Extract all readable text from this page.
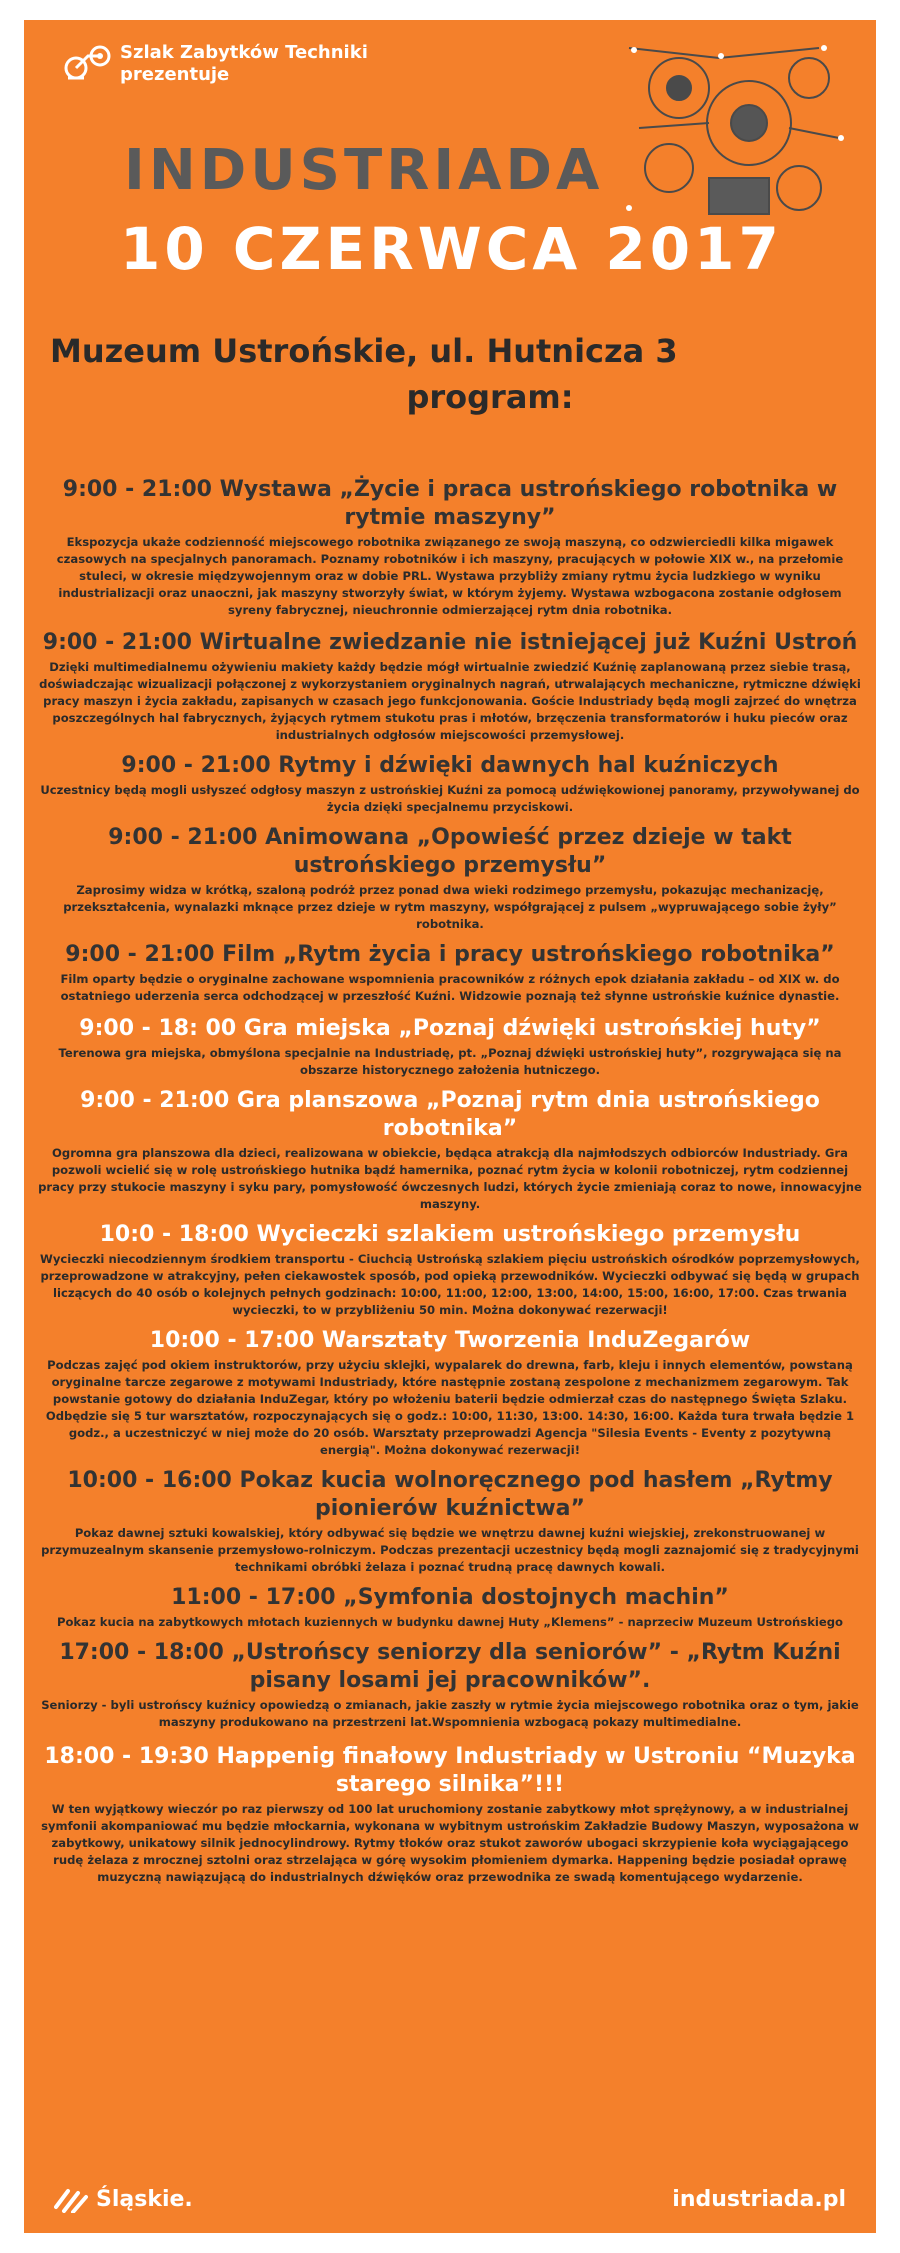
Szlak Zabytków Techniki
prezentuje
INDUSTRIADA
10 CZERWCA 2017
Muzeum Ustrońskie, ul. Hutnicza 3
program:
9:00 - 21:00 Wystawa „Życie i praca ustrońskiego robotnika w rytmie maszyny”

Ekspozycja ukaże codzienność miejscowego robotnika związanego ze swoją maszyną, co odzwierciedli kilka migawek czasowych na specjalnych panoramach. Poznamy robotników i ich maszyny, pracujących w połowie XIX w., na przełomie stuleci, w okresie międzywojennym oraz w dobie PRL. Wystawa przybliży zmiany rytmu życia ludzkiego w wyniku industrializacji oraz unaoczni, jak maszyny stworzyły świat, w którym żyjemy. Wystawa wzbogacona zostanie odgłosem syreny fabrycznej, nieuchronnie odmierzającej rytm dnia robotnika.

9:00 - 21:00 Wirtualne zwiedzanie nie istniejącej już Kuźni Ustroń

Dzięki multimedialnemu ożywieniu makiety każdy będzie mógł wirtualnie zwiedzić Kuźnię zaplanowaną przez siebie trasą, doświadczając wizualizacji połączonej z wykorzystaniem oryginalnych nagrań, utrwalających mechaniczne, rytmiczne dźwięki pracy maszyn i życia zakładu, zapisanych w czasach jego funkcjonowania. Goście Industriady będą mogli zajrzeć do wnętrza poszczególnych hal fabrycznych, żyjących rytmem stukotu pras i młotów, brzęczenia transformatorów i huku pieców oraz industrialnych odgłosów miejscowości przemysłowej.

9:00 - 21:00 Rytmy i dźwięki dawnych hal kuźniczych

Uczestnicy będą mogli usłyszeć odgłosy maszyn z ustrońskiej Kuźni za pomocą udźwiękowionej panoramy, przywoływanej do życia dzięki specjalnemu przyciskowi.

9:00 - 21:00 Animowana „Opowieść przez dzieje w takt ustrońskiego przemysłu”

Zaprosimy widza w krótką, szaloną podróż przez ponad dwa wieki rodzimego przemysłu, pokazując mechanizację, przekształcenia, wynalazki mknące przez dzieje w rytm maszyny, współgrającej z pulsem „wypruwającego sobie żyły” robotnika.

9:00 - 21:00 Film „Rytm życia i pracy ustrońskiego robotnika”

Film oparty będzie o oryginalne zachowane wspomnienia pracowników z różnych epok działania zakładu – od XIX w. do ostatniego uderzenia serca odchodzącej w przeszłość Kuźni. Widzowie poznają też słynne ustrońskie kuźnice dynastie.

9:00 - 18: 00 Gra miejska „Poznaj dźwięki ustrońskiej huty”

Terenowa gra miejska, obmyślona specjalnie na Industriadę, pt. „Poznaj dźwięki ustrońskiej huty”, rozgrywająca się na obszarze historycznego założenia hutniczego.

9:00 - 21:00 Gra planszowa „Poznaj rytm dnia ustrońskiego robotnika”

Ogromna gra planszowa dla dzieci, realizowana w obiekcie, będąca atrakcją dla najmłodszych odbiorców Industriady. Gra pozwoli wcielić się w rolę ustrońskiego hutnika bądź hamernika, poznać rytm życia w kolonii robotniczej, rytm codziennej pracy przy stukocie maszyny i syku pary, pomysłowość ówczesnych ludzi, których życie zmieniają coraz to nowe, innowacyjne maszyny.

10:0 - 18:00 Wycieczki szlakiem ustrońskiego przemysłu

Wycieczki niecodziennym środkiem transportu - Ciuchcią Ustrońską szlakiem pięciu ustrońskich ośrodków poprzemysłowych, przeprowadzone w atrakcyjny, pełen ciekawostek sposób, pod opieką przewodników. Wycieczki odbywać się będą w grupach liczących do 40 osób o kolejnych pełnych godzinach: 10:00, 11:00, 12:00, 13:00, 14:00, 15:00, 16:00, 17:00. Czas trwania wycieczki, to w przybliżeniu 50 min. Można dokonywać rezerwacji!

10:00 - 17:00 Warsztaty Tworzenia InduZegarów

Podczas zajęć pod okiem instruktorów, przy użyciu sklejki, wypalarek do drewna, farb, kleju i innych elementów, powstaną oryginalne tarcze zegarowe z motywami Industriady, które następnie zostaną zespolone z mechanizmem zegarowym. Tak powstanie gotowy do działania InduZegar, który po włożeniu baterii będzie odmierzał czas do następnego Święta Szlaku. Odbędzie się 5 tur warsztatów, rozpoczynających się o godz.: 10:00, 11:30, 13:00. 14:30, 16:00. Każda tura trwała będzie 1 godz., a uczestniczyć w niej może do 20 osób. Warsztaty przeprowadzi Agencja "Silesia Events - Eventy z pozytywną energią". Można dokonywać rezerwacji!

10:00 - 16:00 Pokaz kucia wolnoręcznego pod hasłem „Rytmy pionierów kuźnictwa”

Pokaz dawnej sztuki kowalskiej, który odbywać się będzie we wnętrzu dawnej kuźni wiejskiej, zrekonstruowanej w przymuzealnym skansenie przemysłowo-rolniczym. Podczas prezentacji uczestnicy będą mogli zaznajomić się z tradycyjnymi technikami obróbki żelaza i poznać trudną pracę dawnych kowali.

11:00 - 17:00 „Symfonia dostojnych machin”

Pokaz kucia na zabytkowych młotach kuziennych w budynku dawnej Huty „Klemens” - naprzeciw Muzeum Ustrońskiego

17:00 - 18:00 „Ustrońscy seniorzy dla seniorów” - „Rytm Kuźni pisany losami jej pracowników”.

Seniorzy - byli ustrońscy kuźnicy opowiedzą o zmianach, jakie zaszły w rytmie życia miejscowego robotnika oraz o tym, jakie maszyny produkowano na przestrzeni lat.Wspomnienia wzbogacą pokazy multimedialne.

18:00 - 19:30 Happenig finałowy Industriady w Ustroniu “Muzyka starego silnika”!!!

W ten wyjątkowy wieczór po raz pierwszy od 100 lat uruchomiony zostanie zabytkowy młot sprężynowy, a w industrialnej symfonii akompaniować mu będzie młockarnia, wykonana w wybitnym ustrońskim Zakładzie Budowy Maszyn, wyposażona w zabytkowy, unikatowy silnik jednocylindrowy. Rytmy tłoków oraz stukot zaworów ubogaci skrzypienie koła wyciągającego rudę żelaza z mrocznej sztolni oraz strzelająca w górę wysokim płomieniem dymarka. Happening będzie posiadał oprawę muzyczną nawiązującą do industrialnych dźwięków oraz przewodnika ze swadą komentującego wydarzenie.

Śląskie.	industriada.pl
